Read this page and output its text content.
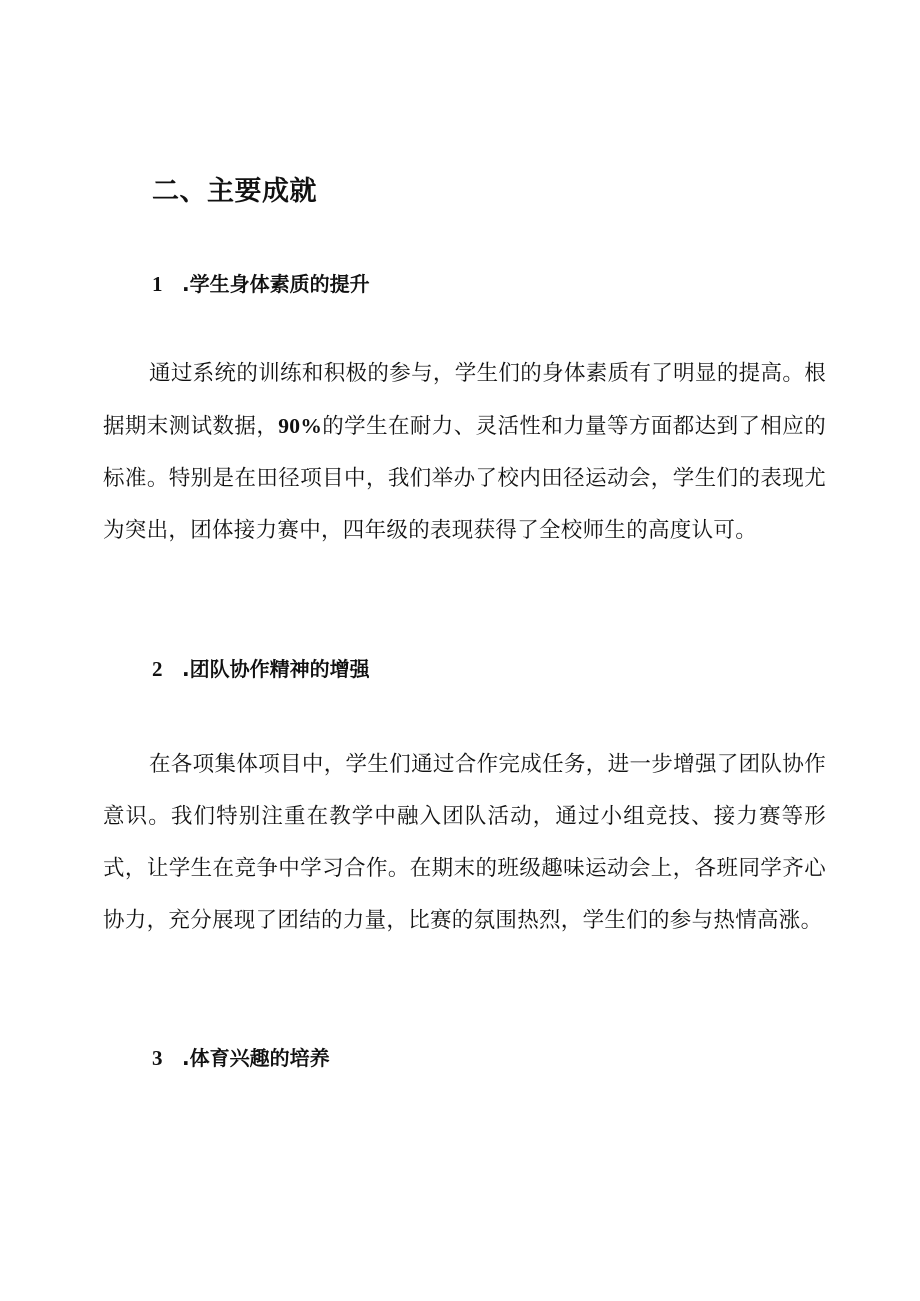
二、主要成就
1 .学生身体素质的提升

通过系统的训练和积极的参与，学生们的身体素质有了明显的提高。根据期末测试数据，90%的学生在耐力、灵活性和力量等方面都达到了相应的标准。特别是在田径项目中，我们举办了校内田径运动会，学生们的表现尤为突出，团体接力赛中，四年级的表现获得了全校师生的高度认可。

2 .团队协作精神的增强

在各项集体项目中，学生们通过合作完成任务，进一步增强了团队协作意识。我们特别注重在教学中融入团队活动，通过小组竞技、接力赛等形式，让学生在竞争中学习合作。在期末的班级趣味运动会上，各班同学齐心协力，充分展现了团结的力量，比赛的氛围热烈，学生们的参与热情高涨。

3 .体育兴趣的培养
